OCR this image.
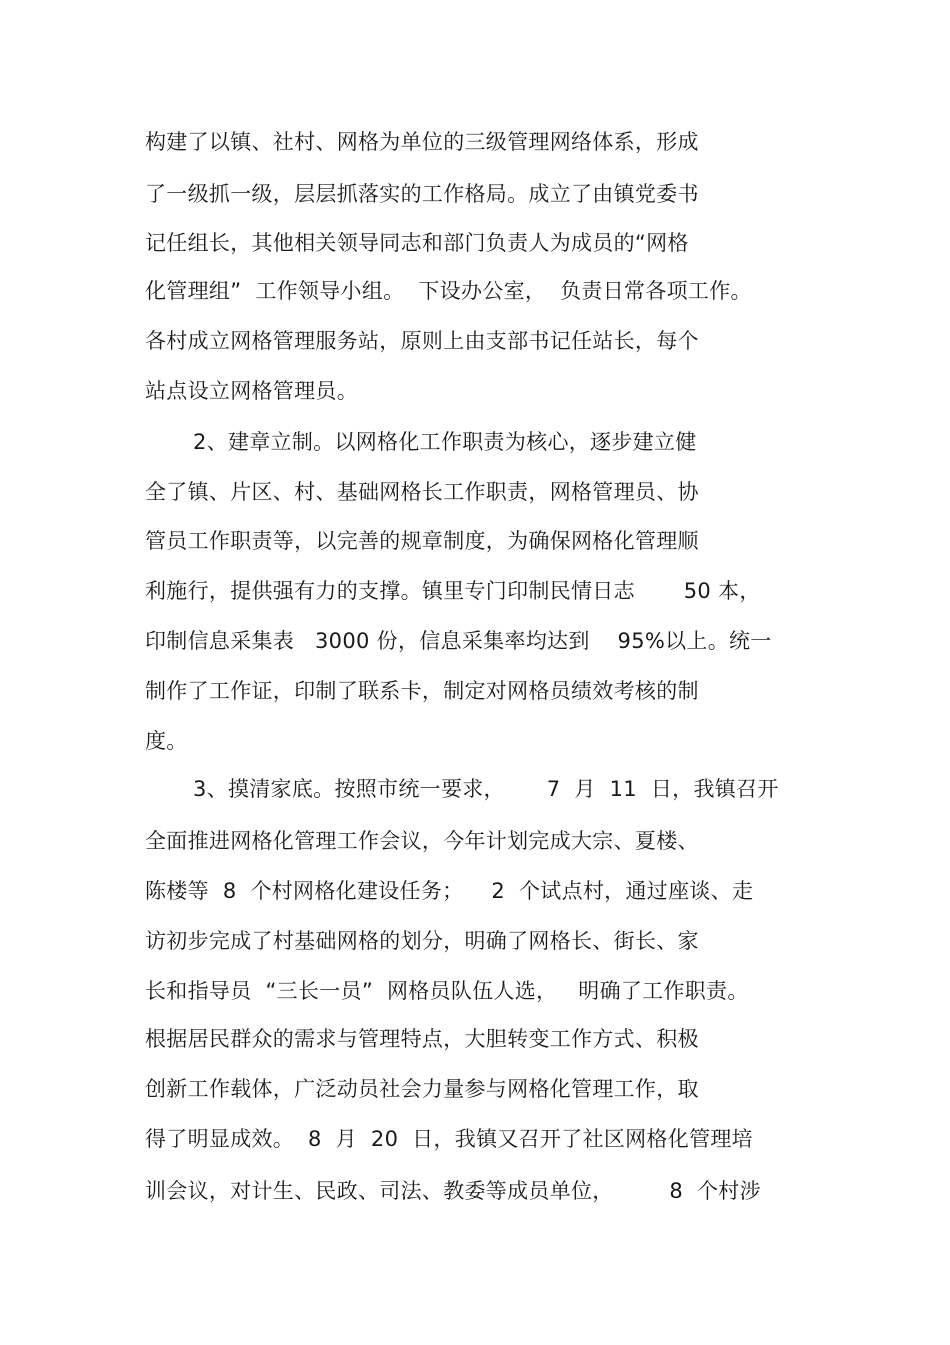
构建了以镇、社村、网格为单位的三级管理网络体系，形成
了一级抓一级，层层抓落实的工作格局。成立了由镇党委书
记任组长，其他相关领导同志和部门负责人为成员的“网格
化管理组”  工作领导小组。  下设办公室，  负责日常各项工作。
各村成立网格管理服务站，原则上由支部书记任站长，每个
站点设立网格管理员。
2、建章立制。以网格化工作职责为核心，逐步建立健
全了镇、片区、村、基础网格长工作职责，网格管理员、协
管员工作职责等，以完善的规章制度，为确保网格化管理顺
利施行，提供强有力的支撑。镇里专门印制民情日志       50 本，
印制信息采集表   3000 份，信息采集率均达到    95%以上。统一
制作了工作证，印制了联系卡，制定对网格员绩效考核的制
度。
3、摸清家底。按照市统一要求，      7  月  11  日，我镇召开
全面推进网格化管理工作会议，今年计划完成大宗、夏楼、
陈楼等  8  个村网格化建设任务；    2  个试点村，通过座谈、走
访初步完成了村基础网格的划分，明确了网格长、街长、家
长和指导员  “三长一员”  网格员队伍人选，   明确了工作职责。
根据居民群众的需求与管理特点，大胆转变工作方式、积极
创新工作载体，广泛动员社会力量参与网格化管理工作，取
得了明显成效。  8  月  20  日，我镇又召开了社区网格化管理培
训会议，对计生、民政、司法、教委等成员单位，        8  个村涉
